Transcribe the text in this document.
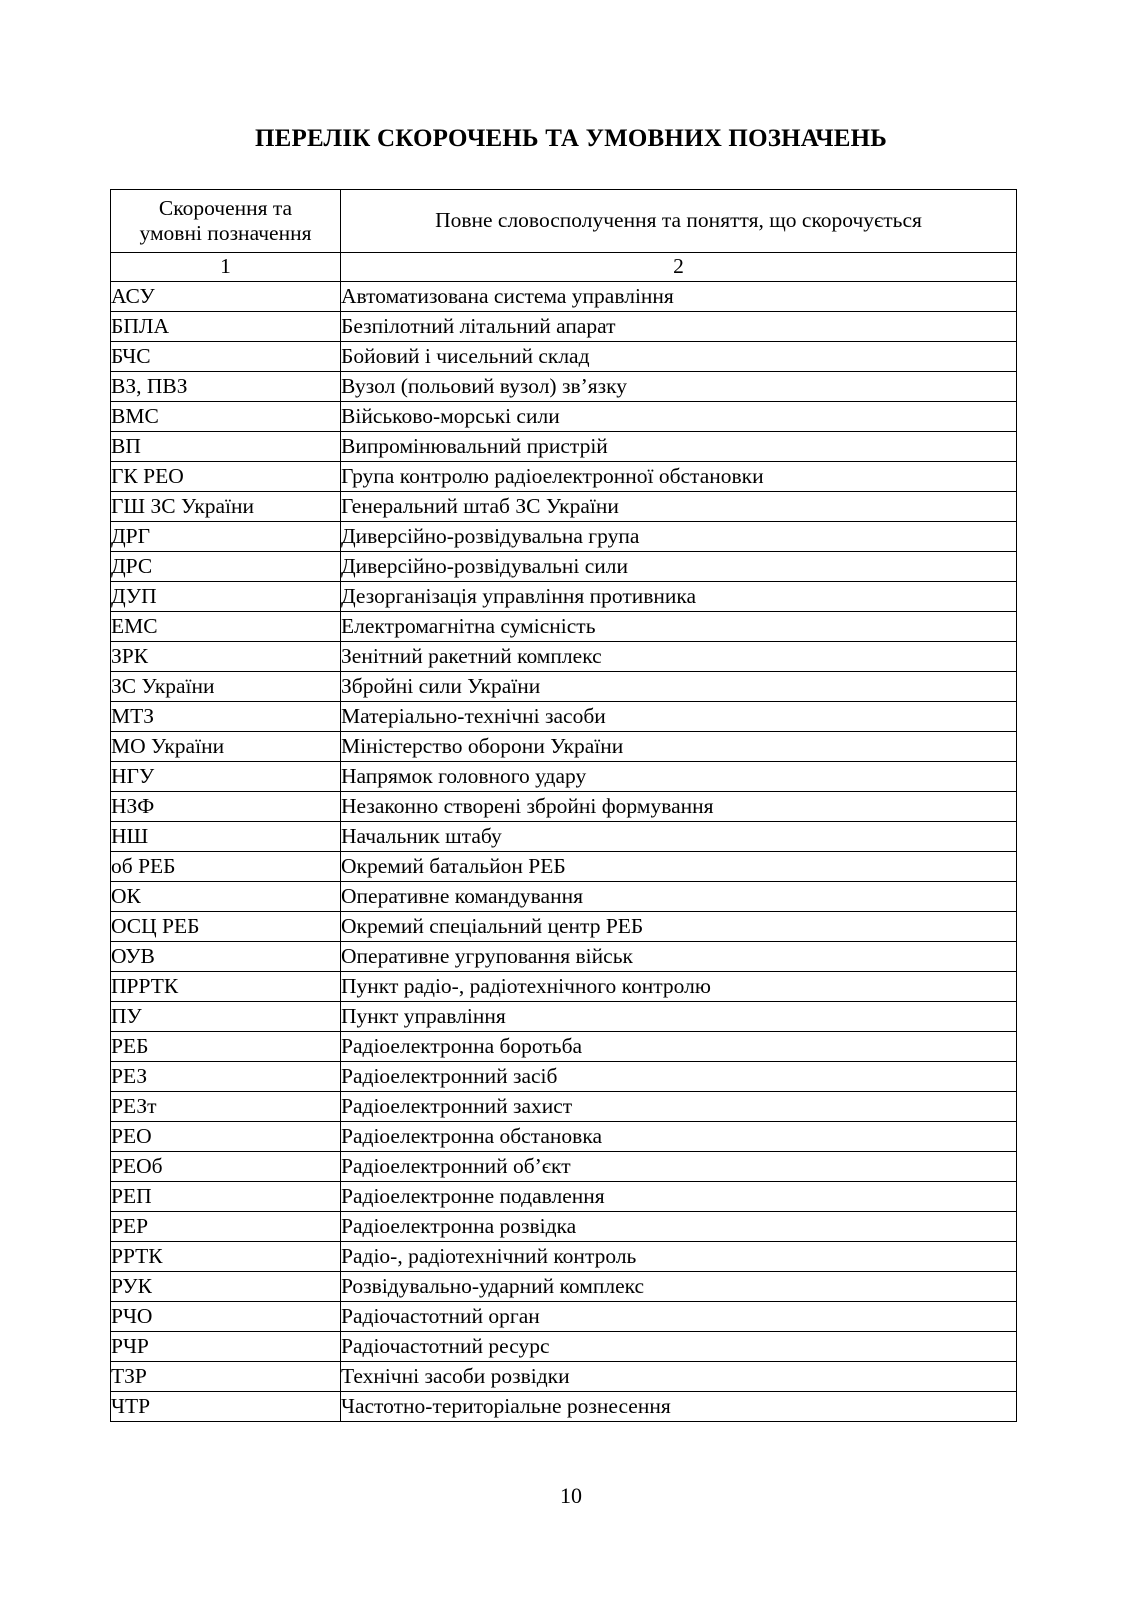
ПЕРЕЛІК СКОРОЧЕНЬ ТА УМОВНИХ ПОЗНАЧЕНЬ
Скорочення та
умовні позначення	Повне словосполучення та поняття, що скорочується
1	2
АСУ	Автоматизована система управління
БПЛА	Безпілотний літальний апарат
БЧС	Бойовий і чисельний склад
ВЗ, ПВЗ	Вузол (польовий вузол) зв’язку
ВМС	Військово-морські сили
ВП	Випромінювальний пристрій
ГК РЕО	Група контролю радіоелектронної обстановки
ГШ ЗС України	Генеральний штаб ЗС України
ДРГ	Диверсійно-розвідувальна група
ДРС	Диверсійно-розвідувальні сили
ДУП	Дезорганізація управління противника
ЕМС	Електромагнітна сумісність
ЗРК	Зенітний ракетний комплекс
ЗС України	Збройні сили України
МТЗ	Матеріально-технічні засоби
МО України	Міністерство оборони України
НГУ	Напрямок головного удару
НЗФ	Незаконно створені збройні формування
НШ	Начальник штабу
об РЕБ	Окремий батальйон РЕБ
ОК	Оперативне командування
ОСЦ РЕБ	Окремий спеціальний центр РЕБ
ОУВ	Оперативне угруповання військ
ПРРТК	Пункт радіо-, радіотехнічного контролю
ПУ	Пункт управління
РЕБ	Радіоелектронна боротьба
РЕЗ	Радіоелектронний засіб
РЕЗт	Радіоелектронний захист
РЕО	Радіоелектронна обстановка
РЕОб	Радіоелектронний об’єкт
РЕП	Радіоелектронне подавлення
РЕР	Радіоелектронна розвідка
РРТК	Радіо-, радіотехнічний контроль
РУК	Розвідувально-ударний комплекс
РЧО	Радіочастотний орган
РЧР	Радіочастотний ресурс
ТЗР	Технічні засоби розвідки
ЧТР	Частотно-територіальне рознесення
10
